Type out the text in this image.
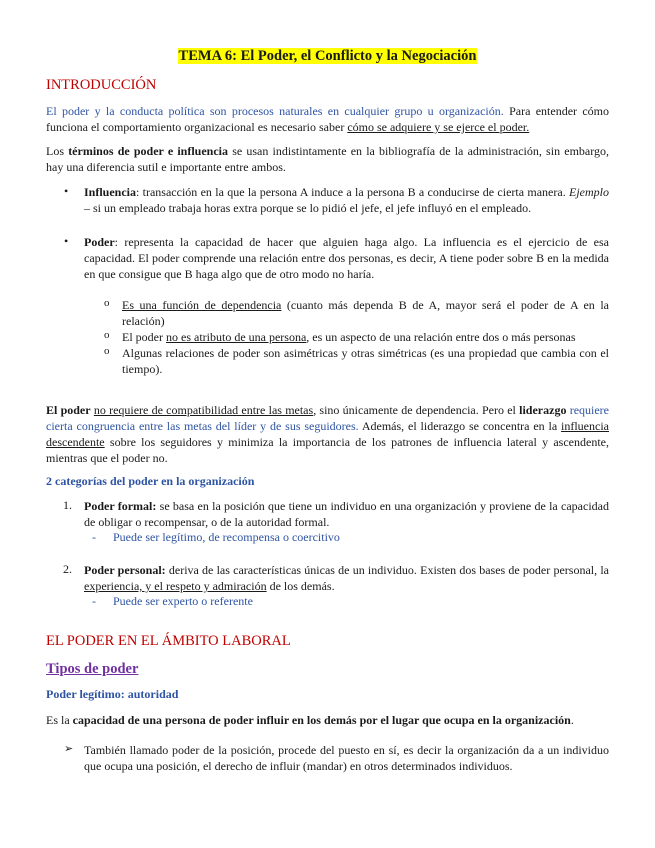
TEMA 6: El Poder, el Conflicto y la Negociación
INTRODUCCIÓN
El poder y la conducta política son procesos naturales en cualquier grupo u organización. Para entender cómo funciona el comportamiento organizacional es necesario saber cómo se adquiere y se ejerce el poder.
Los términos de poder e influencia se usan indistintamente en la bibliografía de la administración, sin embargo, hay una diferencia sutil e importante entre ambos.
• Influencia: transacción en la que la persona A induce a la persona B a conducirse de cierta manera. Ejemplo – si un empleado trabaja horas extra porque se lo pidió el jefe, el jefe influyó en el empleado.
• Poder: representa la capacidad de hacer que alguien haga algo. La influencia es el ejercicio de esa capacidad. El poder comprende una relación entre dos personas, es decir, A tiene poder sobre B en la medida en que consigue que B haga algo que de otro modo no haría.
o Es una función de dependencia (cuanto más dependa B de A, mayor será el poder de A en la relación)
o El poder no es atributo de una persona, es un aspecto de una relación entre dos o más personas
o Algunas relaciones de poder son asimétricas y otras simétricas (es una propiedad que cambia con el tiempo).
El poder no requiere de compatibilidad entre las metas, sino únicamente de dependencia. Pero el liderazgo requiere cierta congruencia entre las metas del líder y de sus seguidores. Además, el liderazgo se concentra en la influencia descendente sobre los seguidores y minimiza la importancia de los patrones de influencia lateral y ascendente, mientras que el poder no.
2 categorías del poder en la organización
1. Poder formal: se basa en la posición que tiene un individuo en una organización y proviene de la capacidad de obligar o recompensar, o de la autoridad formal.
- Puede ser legítimo, de recompensa o coercitivo
2. Poder personal: deriva de las características únicas de un individuo. Existen dos bases de poder personal, la experiencia, y el respeto y admiración de los demás.
- Puede ser experto o referente
EL PODER EN EL ÁMBITO LABORAL
Tipos de poder
Poder legítimo: autoridad
Es la capacidad de una persona de poder influir en los demás por el lugar que ocupa en la organización.
➢ También llamado poder de la posición, procede del puesto en sí, es decir la organización da a un individuo que ocupa una posición, el derecho de influir (mandar) en otros determinados individuos.
